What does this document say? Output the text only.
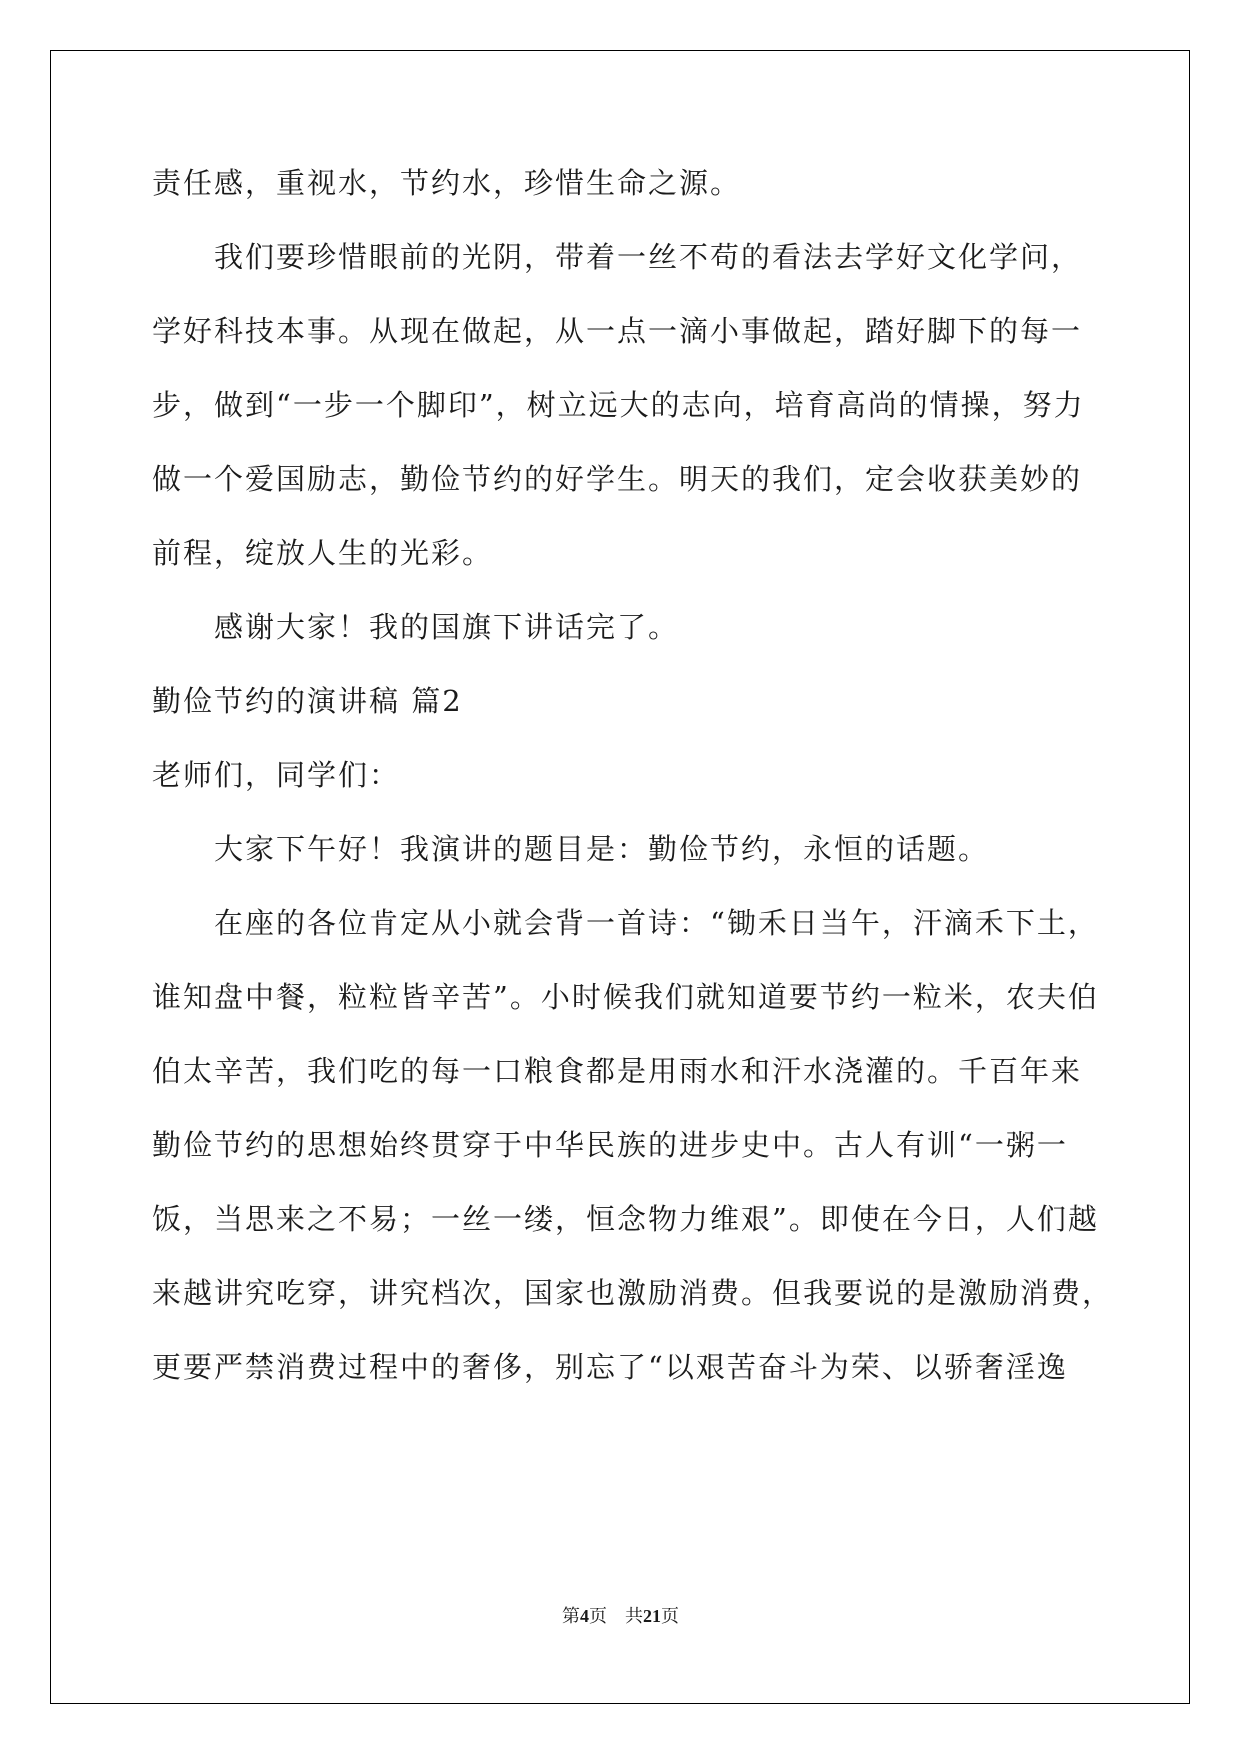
责任感，重视水，节约水，珍惜生命之源。
我们要珍惜眼前的光阴，带着一丝不苟的看法去学好文化学问，
学好科技本事。从现在做起，从一点一滴小事做起，踏好脚下的每一
步，做到“一步一个脚印”，树立远大的志向，培育高尚的情操，努力
做一个爱国励志，勤俭节约的好学生。明天的我们，定会收获美妙的
前程，绽放人生的光彩。
感谢大家！我的国旗下讲话完了。
勤俭节约的演讲稿 篇2
老师们，同学们：
大家下午好！我演讲的题目是：勤俭节约，永恒的话题。
在座的各位肯定从小就会背一首诗：“锄禾日当午，汗滴禾下土，
谁知盘中餐，粒粒皆辛苦”。小时候我们就知道要节约一粒米，农夫伯
伯太辛苦，我们吃的每一口粮食都是用雨水和汗水浇灌的。千百年来
勤俭节约的思想始终贯穿于中华民族的进步史中。古人有训“一粥一
饭，当思来之不易；一丝一缕，恒念物力维艰”。即使在今日，人们越
来越讲究吃穿，讲究档次，国家也激励消费。但我要说的是激励消费，
更要严禁消费过程中的奢侈，别忘了“以艰苦奋斗为荣、以骄奢淫逸
第4页 共21页
